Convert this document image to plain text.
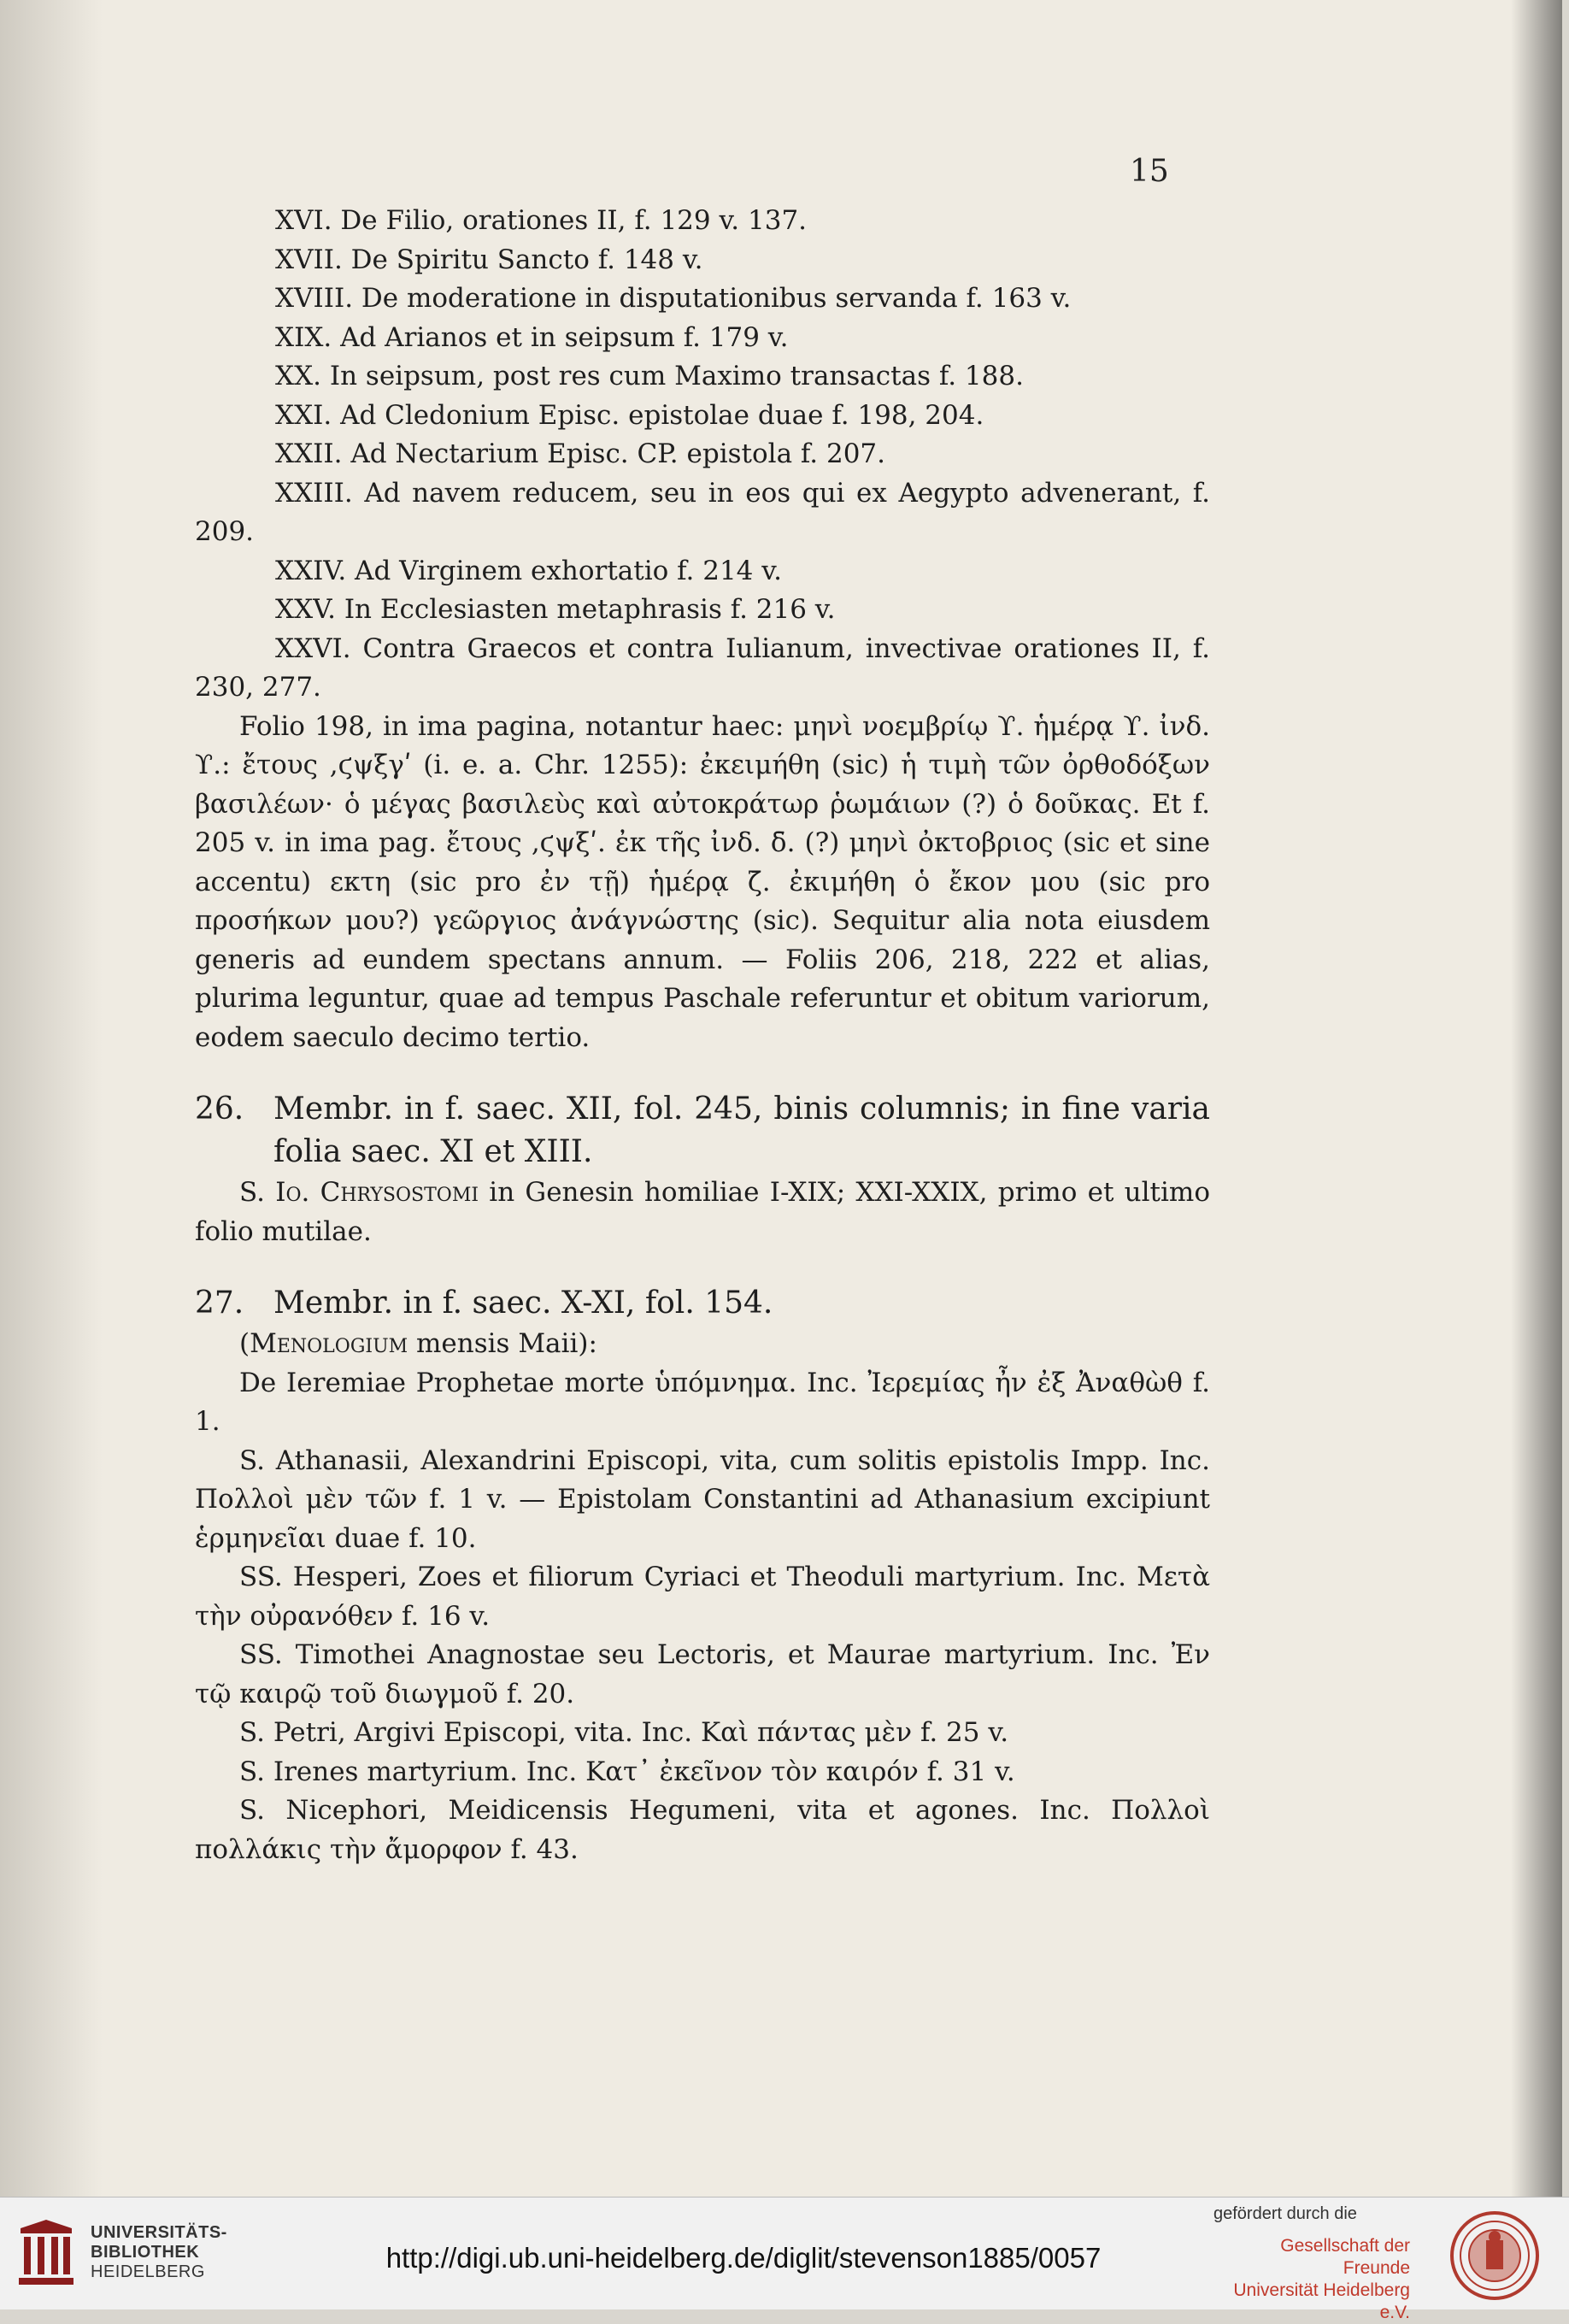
15

XVI. De Filio, orationes II, f. 129 v. 137.

XVII. De Spiritu Sancto f. 148 v.

XVIII. De moderatione in disputationibus servanda f. 163 v.

XIX. Ad Arianos et in seipsum f. 179 v.

XX. In seipsum, post res cum Maximo transactas f. 188.

XXI. Ad Cledonium Episc. epistolae duae f. 198, 204.

XXII. Ad Nectarium Episc. CP. epistola f. 207.

XXIII. Ad navem reducem, seu in eos qui ex Aegypto advenerant, f. 209.

XXIV. Ad Virginem exhortatio f. 214 v.

XXV. In Ecclesiasten metaphrasis f. 216 v.

XXVI. Contra Graecos et contra Iulianum, invectivae orationes II, f. 230, 277.

Folio 198, in ima pagina, notantur haec: μηνὶ νοεμβρίῳ ϒ. ἡμέρᾳ ϒ. ἰνδ. ϒ.: ἔτους ,ϛψξγʹ (i. e. a. Chr. 1255): ἐκειμήθη (sic) ἡ τιμὴ τῶν ὀρθοδόξων βασιλέων· ὁ μέγας βασιλεὺς καὶ αὐτοκράτωρ ῥωμάιων (?) ὁ δοῦκας. Et f. 205 v. in ima pag. ἔτους ,ϛψξʹ. ἐκ τῆς ἰνδ. δ̄. (?) μηνὶ ὀκτοβριος (sic et sine accentu) εκτη (sic pro ἐν τῇ) ἡμέρᾳ ζ̄. ἐκιμήθη ὁ ἔκον μου (sic pro προσήκων μου?) γεῶργιος ἀνάγνώστης (sic). Sequitur alia nota eiusdem generis ad eundem spectans annum. — Foliis 206, 218, 222 et alias, plurima leguntur, quae ad tempus Paschale referuntur et obitum variorum, eodem saeculo decimo tertio.

26. Membr. in f. saec. XII, fol. 245, binis columnis; in fine varia folia saec. XI et XIII.

S. Io. Chrysostomi in Genesin homiliae I-XIX; XXI-XXIX, primo et ultimo folio mutilae.

27. Membr. in f. saec. X-XI, fol. 154.

(Menologium mensis Maii):

De Ieremiae Prophetae morte ὑπόμνημα. Inc. Ἰερεμίας ἦν ἐξ Ἀναθὼθ f. 1.

S. Athanasii, Alexandrini Episcopi, vita, cum solitis epistolis Impp. Inc. Πολλοὶ μὲν τῶν f. 1 v. — Epistolam Constantini ad Athanasium excipiunt ἑρμηνεῖαι duae f. 10.

SS. Hesperi, Zoes et filiorum Cyriaci et Theoduli martyrium. Inc. Μετὰ τὴν οὐρανόθεν f. 16 v.

SS. Timothei Anagnostae seu Lectoris, et Maurae martyrium. Inc. Ἐν τῷ καιρῷ τοῦ διωγμοῦ f. 20.

S. Petri, Argivi Episcopi, vita. Inc. Καὶ πάντας μὲν f. 25 v.

S. Irenes martyrium. Inc. Κατ᾽ ἐκεῖνον τὸν καιρόν f. 31 v.

S. Nicephori, Meidicensis Hegumeni, vita et agones. Inc. Πολλοὶ πολλάκις τὴν ἄμορφον f. 43.

UNIVERSITÄTS-
BIBLIOTHEK
HEIDELBERG	http://digi.ub.uni-heidelberg.de/diglit/stevenson1885/0057
gefördert durch die
Gesellschaft der Freunde
Universität Heidelberg e.V.
